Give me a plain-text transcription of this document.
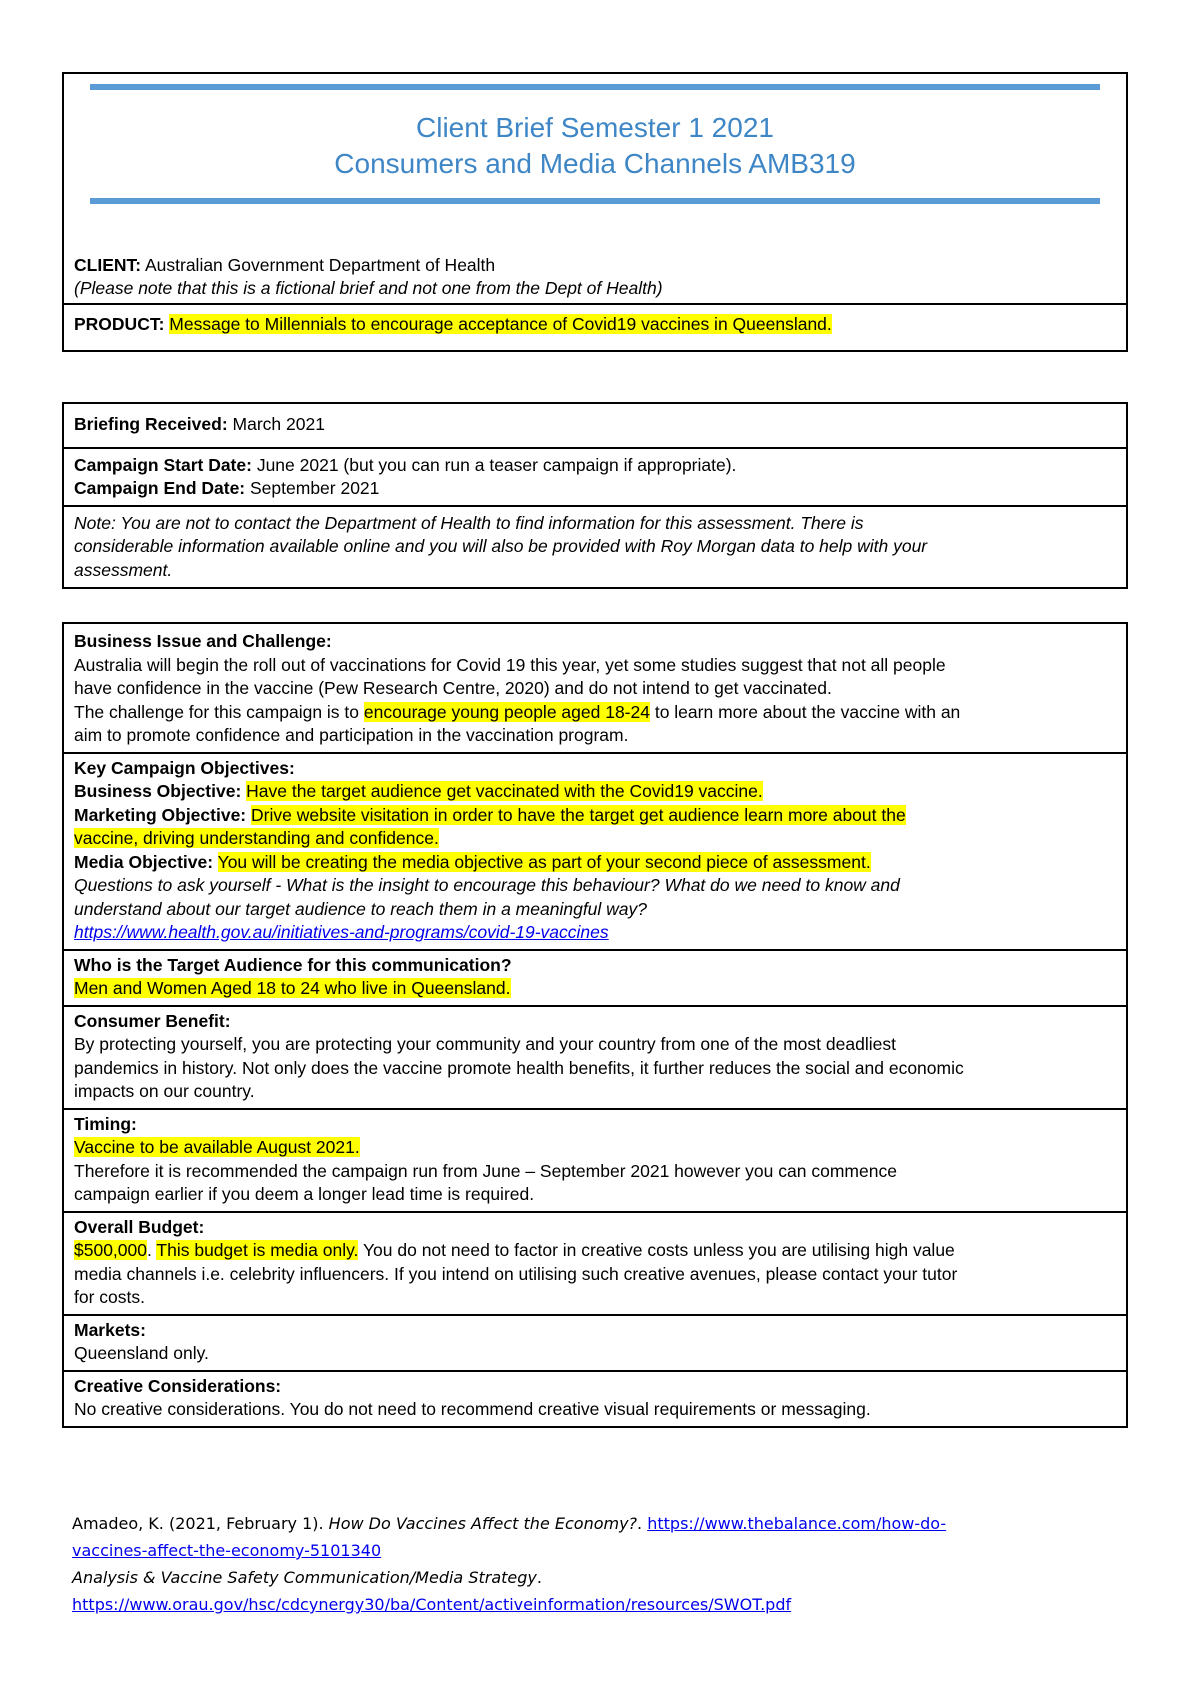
Client Brief Semester 1 2021
Consumers and Media Channels AMB319
CLIENT: Australian Government Department of Health
(Please note that this is a fictional brief and not one from the Dept of Health)
PRODUCT: Message to Millennials to encourage acceptance of Covid19 vaccines in Queensland.
Briefing Received: March 2021
Campaign Start Date: June 2021 (but you can run a teaser campaign if appropriate).
Campaign End Date: September 2021
Note: You are not to contact the Department of Health to find information for this assessment. There is
considerable information available online and you will also be provided with Roy Morgan data to help with your
assessment.
Business Issue and Challenge:
Australia will begin the roll out of vaccinations for Covid 19 this year, yet some studies suggest that not all people
have confidence in the vaccine (Pew Research Centre, 2020) and do not intend to get vaccinated.
The challenge for this campaign is to encourage young people aged 18-24 to learn more about the vaccine with an
aim to promote confidence and participation in the vaccination program.
Key Campaign Objectives:
Business Objective: Have the target audience get vaccinated with the Covid19 vaccine.
Marketing Objective: Drive website visitation in order to have the target get audience learn more about the
vaccine, driving understanding and confidence.
Media Objective: You will be creating the media objective as part of your second piece of assessment.
Questions to ask yourself - What is the insight to encourage this behaviour? What do we need to know and
understand about our target audience to reach them in a meaningful way?
https://www.health.gov.au/initiatives-and-programs/covid-19-vaccines
Who is the Target Audience for this communication?
Men and Women Aged 18 to 24 who live in Queensland.
Consumer Benefit:
By protecting yourself, you are protecting your community and your country from one of the most deadliest
pandemics in history. Not only does the vaccine promote health benefits, it further reduces the social and economic
impacts on our country.
Timing:
Vaccine to be available August 2021.
Therefore it is recommended the campaign run from June – September 2021 however you can commence
campaign earlier if you deem a longer lead time is required.
Overall Budget:
$500,000. This budget is media only. You do not need to factor in creative costs unless you are utilising high value
media channels i.e. celebrity influencers. If you intend on utilising such creative avenues, please contact your tutor
for costs.
Markets:
Queensland only.
Creative Considerations:
No creative considerations. You do not need to recommend creative visual requirements or messaging.
Amadeo, K. (2021, February 1). How Do Vaccines Affect the Economy?. https://www.thebalance.com/how-do-
vaccines-affect-the-economy-5101340
Analysis & Vaccine Safety Communication/Media Strategy.
https://www.orau.gov/hsc/cdcynergy30/ba/Content/activeinformation/resources/SWOT.pdf
